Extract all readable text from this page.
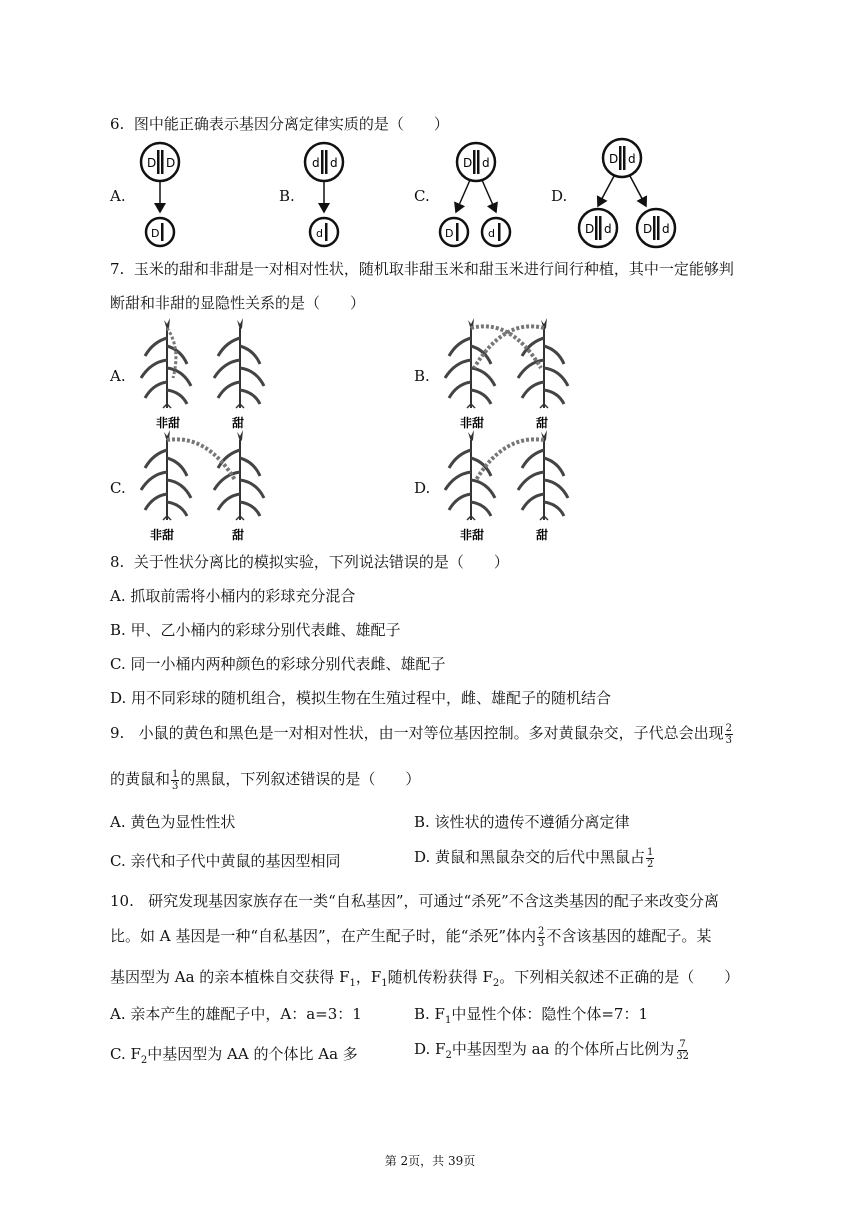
6. 图中能正确表示基因分离定律实质的是（　　）
A.	B.	C.	D.
D D
D
d d
d
D d
D	d
D d
D d	D d
7. 玉米的甜和非甜是一对相对性状，随机取非甜玉米和甜玉米进行间行种植，其中一定能够判
断甜和非甜的显隐性关系的是（　　）
A.	B.
C.	D.
非甜	甜	非甜	甜
非甜	甜	非甜	甜
8. 关于性状分离比的模拟实验，下列说法错误的是（　　）
A. 抓取前需将小桶内的彩球充分混合
B. 甲、乙小桶内的彩球分别代表雌、雄配子
C. 同一小桶内两种颜色的彩球分别代表雌、雄配子
D. 用不同彩球的随机组合，模拟生物在生殖过程中，雌、雄配子的随机结合
9. 小鼠的黄色和黑色是一对相对性状，由一对等位基因控制。多对黄鼠杂交，子代总会出现 $\frac{2}{3}$
的黄鼠和 $\frac{1}{3}$ 的黑鼠，下列叙述错误的是（　　）
A. 黄色为显性性状	B. 该性状的遗传不遵循分离定律
C. 亲代和子代中黄鼠的基因型相同	D. 黄鼠和黑鼠杂交的后代中黑鼠占 $\frac{1}{2}$
10. 研究发现基因家族存在一类“自私基因”，可通过“杀死”不含这类基因的配子来改变分离
比。如 A 基因是一种“自私基因”，在产生配子时，能“杀死”体内 $\frac{2}{3}$ 不含该基因的雄配子。某
基因型为 Aa 的亲本植株自交获得 $F_1$，$F_1$随机传粉获得 $F_2$。下列相关叙述不正确的是（　　）
A. 亲本产生的雄配子中，A：a=3：1	B. $F_1$中显性个体：隐性个体=7：1
C. $F_2$中基因型为 AA 的个体比 Aa 多	D. $F_2$中基因型为 aa 的个体所占比例为 $\frac{7}{32}$
第 2页，共 39页
